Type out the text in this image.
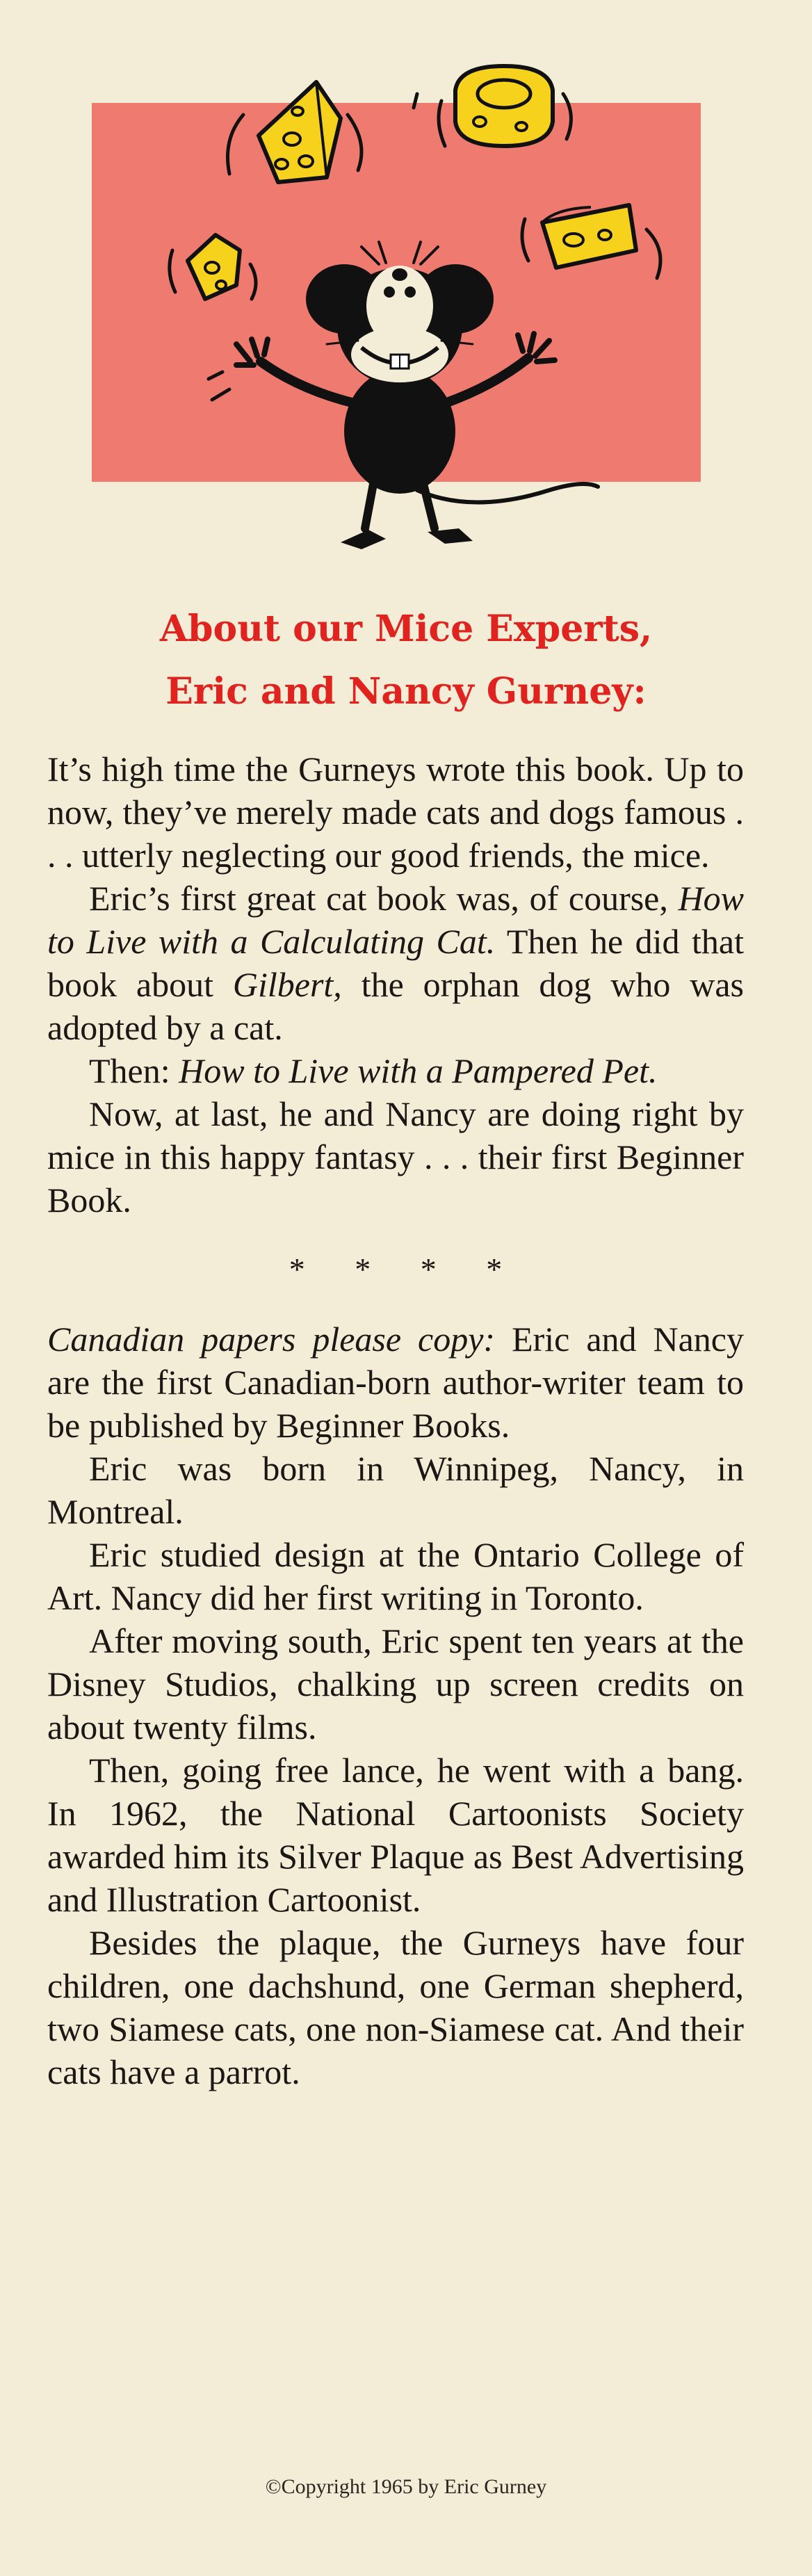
About our Mice Experts,
Eric and Nancy Gurney:

It’s high time the Gurneys wrote this book. Up to now, they’ve merely made cats and dogs famous . . . utterly neglecting our good friends, the mice.

Eric’s first great cat book was, of course, How to Live with a Calculating Cat. Then he did that book about Gilbert, the orphan dog who was adopted by a cat.

Then: How to Live with a Pampered Pet.

Now, at last, he and Nancy are doing right by mice in this happy fantasy . . . their first Beginner Book.

* * * *

Canadian papers please copy: Eric and Nancy are the first Canadian-born author-writer team to be published by Beginner Books.

Eric was born in Winnipeg, Nancy, in Montreal.

Eric studied design at the Ontario College of Art. Nancy did her first writing in Toronto.

After moving south, Eric spent ten years at the Disney Studios, chalking up screen credits on about twenty films.

Then, going free lance, he went with a bang. In 1962, the National Cartoonists Society awarded him its Silver Plaque as Best Advertising and Illustration Cartoonist.

Besides the plaque, the Gurneys have four children, one dachshund, one German shepherd, two Siamese cats, one non-Siamese cat. And their cats have a parrot.

©Copyright 1965 by Eric Gurney
